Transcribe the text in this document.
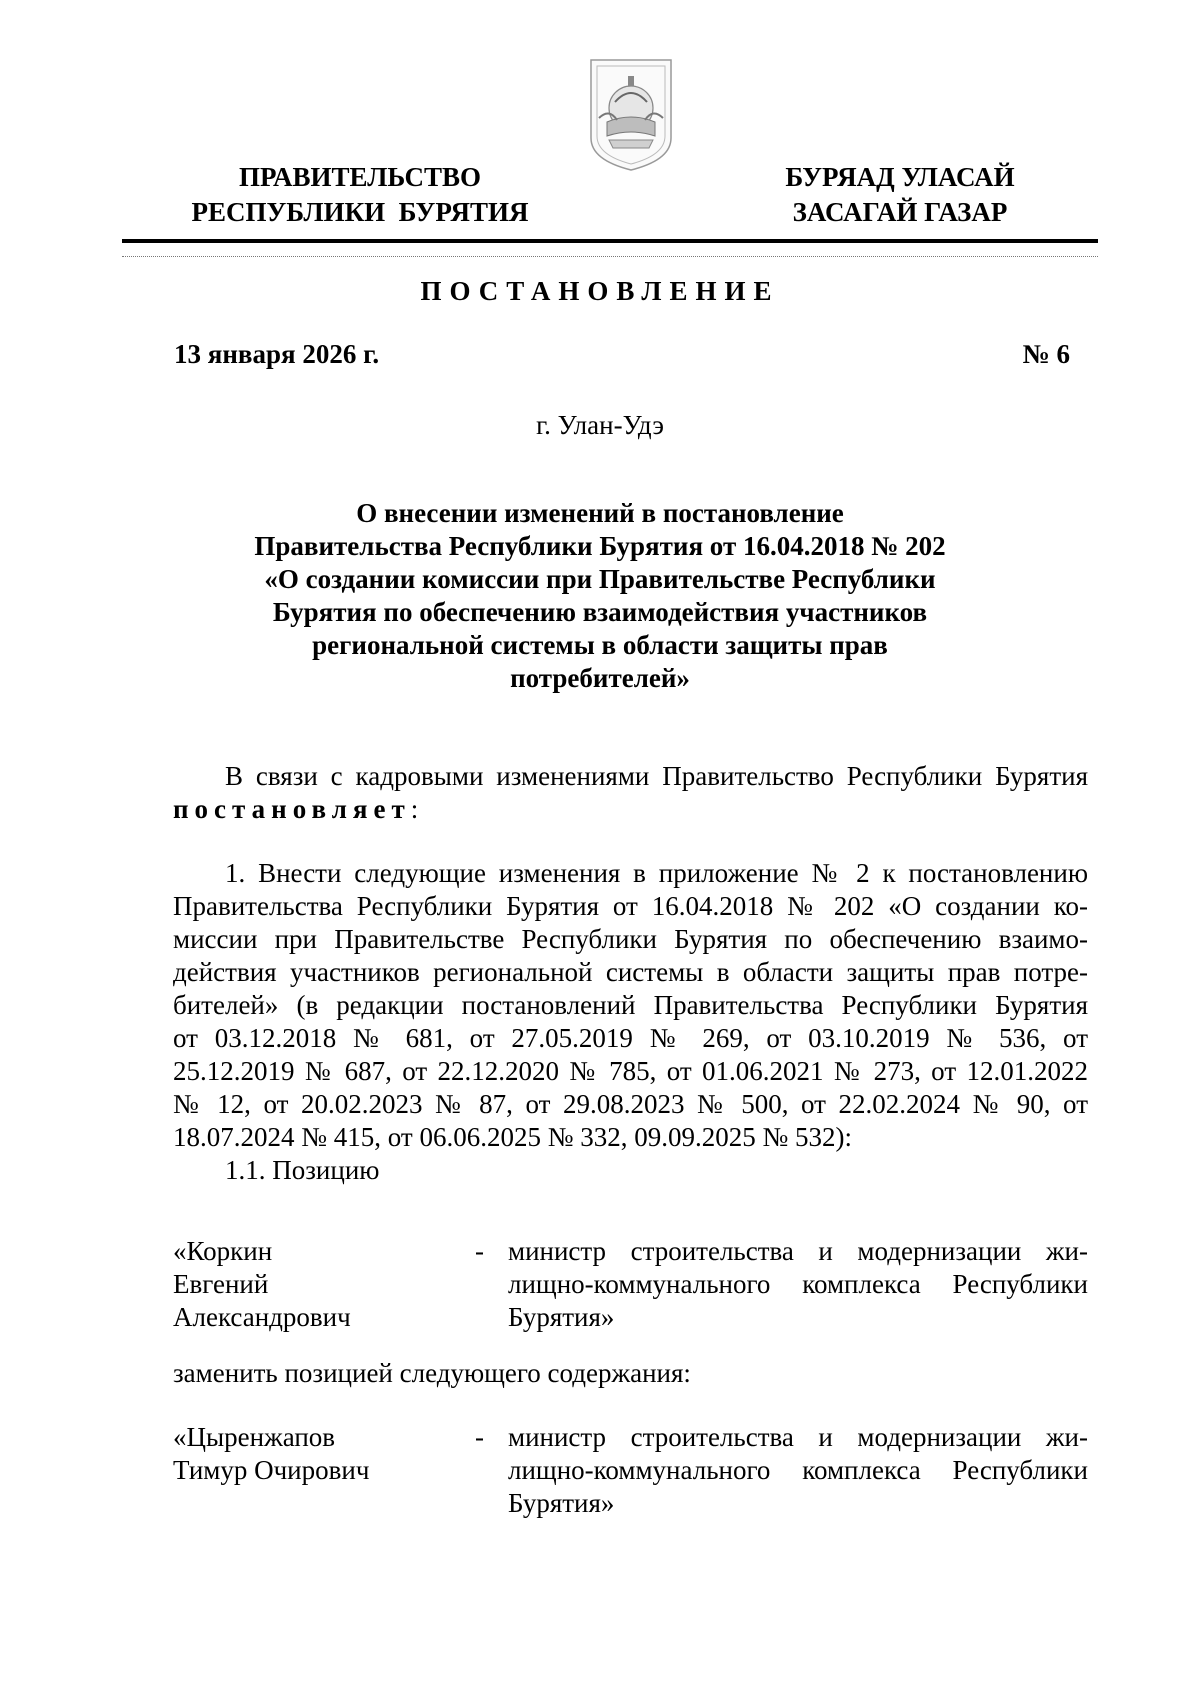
ПРАВИТЕЛЬСТВО
РЕСПУБЛИКИ  БУРЯТИЯ
БУРЯАД УЛАСАЙ
ЗАСАГАЙ ГАЗАР
ПОСТАНОВЛЕНИЕ
13 января 2026 г.	№ 6
г. Улан-Удэ
О внесении изменений в постановление
Правительства Республики Бурятия от 16.04.2018 № 202
«О создании комиссии при Правительстве Республики
Бурятия по обеспечению взаимодействия участников
региональной системы в области защиты прав
потребителей»
В связи с кадровыми изменениями Правительство Республики Бурятия постановляет:
1. Внести следующие изменения в приложение № 2 к постановлению
Правительства Республики Бурятия от 16.04.2018 № 202 «О создании ко-
миссии при Правительстве Республики Бурятия по обеспечению взаимо-
действия участников региональной системы в области защиты прав потре-
бителей» (в редакции постановлений Правительства Республики Бурятия
от 03.12.2018 № 681, от 27.05.2019 № 269, от 03.10.2019 № 536, от
25.12.2019 № 687, от 22.12.2020 № 785, от 01.06.2021 № 273, от 12.01.2022
№ 12, от 20.02.2023 № 87, от 29.08.2023 № 500, от 22.02.2024 № 90, от
18.07.2024 № 415, от 06.06.2025 № 332, 09.09.2025 № 532):
1.1. Позицию
«Коркин
Евгений
Александрович
- министр строительства и модернизации жи-
лищно-коммунального комплекса Республики
Бурятия»
заменить позицией следующего содержания:
«Цыренжапов
Тимур Очирович
- министр строительства и модернизации жи-
лищно-коммунального комплекса Республики
Бурятия»
